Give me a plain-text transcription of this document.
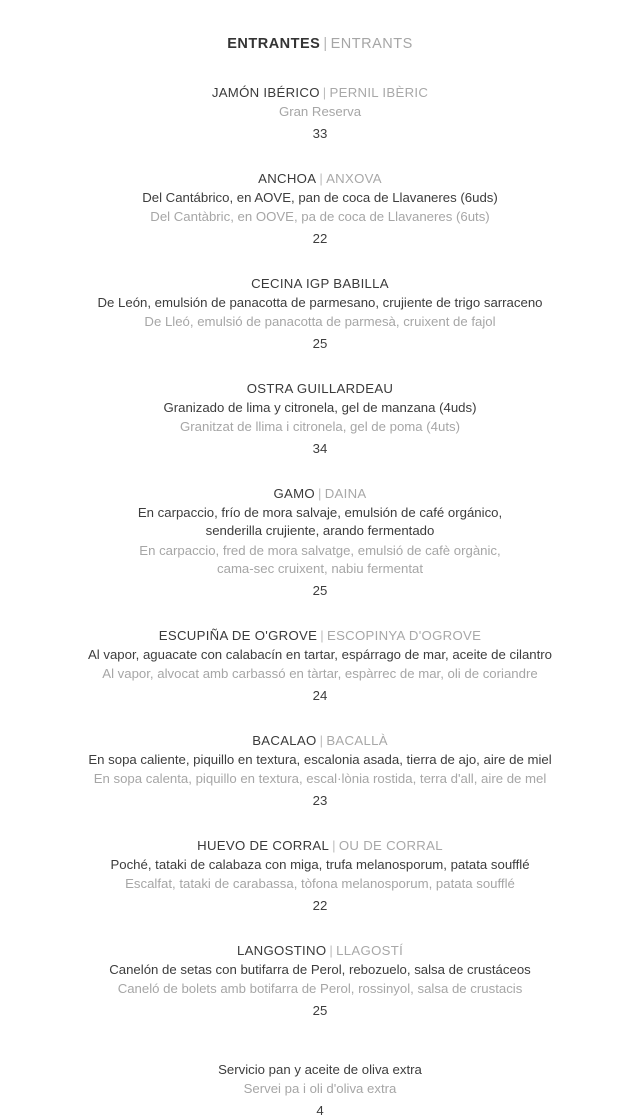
ENTRANTES | ENTRANTS
JAMÓN IBÉRICO | PERNIL IBÈRIC
Gran Reserva
33
ANCHOA | ANXOVA
Del Cantábrico, en AOVE, pan de coca de Llavaneres (6uds)
Del Cantàbric, en OOVE, pa de coca de Llavaneres (6uts)
22
CECINA IGP BABILLA
De León, emulsión de panacotta de parmesano, crujiente de trigo sarraceno
De Lleó, emulsió de panacotta de parmesà, cruixent de fajol
25
OSTRA GUILLARDEAU
Granizado de lima y citronela, gel de manzana (4uds)
Granitzat de llima i citronela, gel de poma (4uts)
34
GAMO | DAINA
En carpaccio, frío de mora salvaje, emulsión de café orgánico,
senderilla crujiente, arando fermentado
En carpaccio, fred de mora salvatge, emulsió de cafè orgànic,
cama-sec cruixent, nabiu fermentat
25
ESCUPIÑA DE O'GROVE | ESCOPINYA D'OGROVE
Al vapor, aguacate con calabacín en tartar, espárrago de mar, aceite de cilantro
Al vapor, alvocat amb carbassó en tàrtar, espàrrec de mar, oli de coriandre
24
BACALAO | BACALLÀ
En sopa caliente, piquillo en textura, escalonia asada, tierra de ajo, aire de miel
En sopa calenta, piquillo en textura, escal·lònia rostida, terra d'all, aire de mel
23
HUEVO DE CORRAL | OU DE CORRAL
Poché, tataki de calabaza con miga, trufa melanosporum, patata soufflé
Escalfat, tataki de carabassa, tòfona melanosporum, patata soufflé
22
LANGOSTINO | LLAGOSTÍ
Canelón de setas con butifarra de Perol, rebozuelo, salsa de crustáceos
Caneló de bolets amb botifarra de Perol, rossinyol, salsa de crustacis
25
Servicio pan y aceite de oliva extra
Servei pa i oli d'oliva extra
4
